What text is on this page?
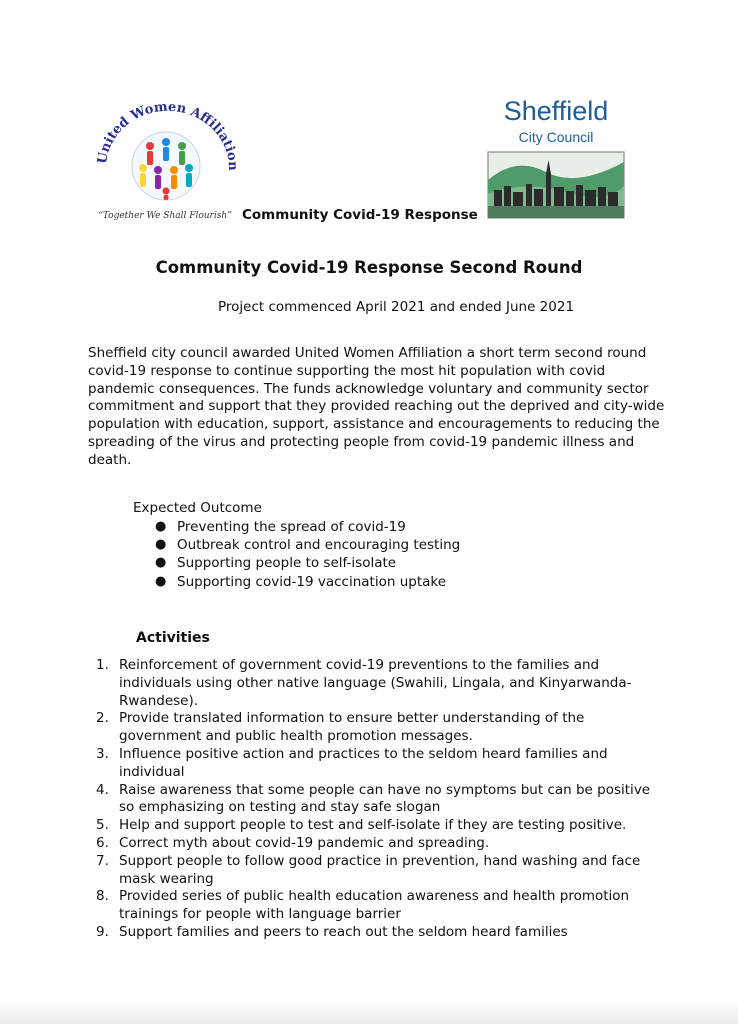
United Women Affiliation
“Together We Shall Flourish”
Sheffield
City Council
Community Covid-19 Response
Community Covid-19 Response Second Round
Project commenced April 2021 and ended June 2021
Sheffield city council awarded United Women Affiliation a short term second round
covid-19 response to continue supporting the most hit population with covid
pandemic consequences. The funds acknowledge voluntary and community sector
commitment and support that they provided reaching out the deprived and city-wide
population with education, support, assistance and encouragements to reducing the
spreading of the virus and protecting people from covid-19 pandemic illness and
death.
Expected Outcome
● Preventing the spread of covid-19
● Outbreak control and encouraging testing
● Supporting people to self-isolate
● Supporting covid-19 vaccination uptake
Activities
1. Reinforcement of government covid-19 preventions to the families and
individuals using other native language (Swahili, Lingala, and Kinyarwanda-
Rwandese).
2. Provide translated information to ensure better understanding of the
government and public health promotion messages.
3. Influence positive action and practices to the seldom heard families and
individual
4. Raise awareness that some people can have no symptoms but can be positive
so emphasizing on testing and stay safe slogan
5. Help and support people to test and self-isolate if they are testing positive.
6. Correct myth about covid-19 pandemic and spreading.
7. Support people to follow good practice in prevention, hand washing and face
mask wearing
8. Provided series of public health education awareness and health promotion
trainings for people with language barrier
9. Support families and peers to reach out the seldom heard families
